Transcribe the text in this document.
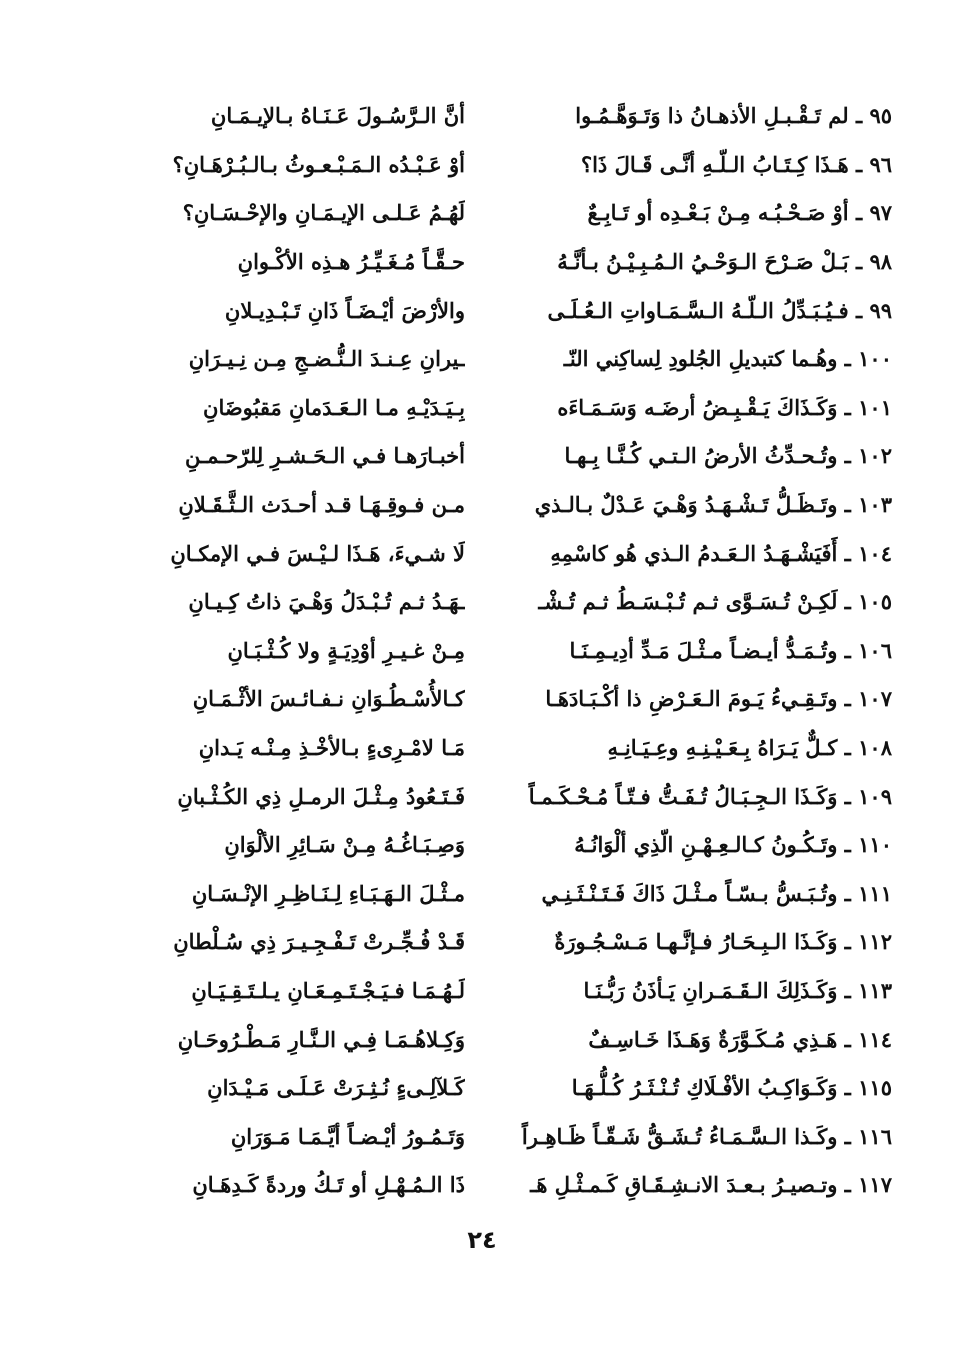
٩٥ ـ لم تَـقْـبـلِ الأذهـانُ ذا وَتَـوَهَّـمُـوا
أنَّ الـرَّسُـولَ عَـنَـاهُ بـالإيـمَـانِ
٩٦ ـ هَـذَا كِـتَـابُ الـلّـهِ أنَّـى قَـالَ ذَا؟
أوْ عَـبْـدُه الـمَـبْـعـوثُ بـالـبُـرْهَـانِ؟
٩٧ ـ أوْ صَـحْـبُـه مِـنْ بَـعْـدِه أو تَـابِـعٌ
لَهُـمُ عَـلـى الإيـمَـانِ والإحْـسَـانِ؟
٩٨ ـ بَـلْ صَـرْحَ الـوَحْـيُ الـمُـبِـيْـنُ بـأنَّـهُ
حـقَّـاً مُـغَـيِّـرُ هـذِه الأكْـوانِ
٩٩ ـ فـيُـبَـدِّلُ الـلّـهُ الـسَّـمَـاواتِ الـعُـلَـى
والأرْضَ أيْـضَـاً ذَانِ تَـبْـدِيـلانِ
١٠٠ ـ وهُـما كتبديلِ الجُلودِ لِساكِني النّـ
ـيرانِ عِـنـدَ الـنُّـضـجِ مِـن نِـيـرَانِ
١٠١ ـ وَكَـذَاكَ يَـقْـبِـضُ أرضَـه وَسَـمَـاءَه
بِـيَـدَيْـهِ مـا الـعَـدَمانِ مَقبُوضَانِ
١٠٢ ـ وتُـحـدِّثُ الأرضُ الـتـي كُـنَّـا بِـهـا
أخبـارَهـا فـي الـحَـشـرِ لِلرّحـمـنِ
١٠٣ ـ وتَـظَـلُّ تَـشْـهَـدُ وَهْـيَ عَـدْلٌ بـالـذي
مـن فـوقِـهَـا قـد أحـدَث الـثَّـقَـلانِ
١٠٤ ـ أَفَيَشْـهَـدُ الـعَـدمُ الـذي هُو كاسْمِهِ
لَا شـيءَ، هَـذَا لـيْـسَ فـي الإمكـانِ
١٠٥ ـ لَكِـنْ تُـسَـوَّى ثـم تُـبْـسَـطُ ثـم تُـشْـ
ـهَـدُ ثـم تُـبْـدَلُ وَهْـيَ ذاتُ كِـيـانِ
١٠٦ ـ وتُـمَـدُّ أيـضـاً مـثْـلَ مَـدِّ أدِيـمِـنَـا
مِـنْ غـيـرِ أوْدِيَـةٍ ولا كُـثْـبَـانِ
١٠٧ ـ وتَـقِـيءُ يَـومَ الـعَـرْضِ ذا أكْـبَـادَهَـا
كـالأُسْـطُـوَانِ نـفـائـسَ الأثْـمَـانِ
١٠٨ ـ كـلٌّ يَـرَاهُ بِـعَـيْـنِـهِ وعِـيَـانِـهِ
مَـا لامْـرِىءٍ بـالأخْـذِ مِـنْـه يَـدانِ
١٠٩ ـ وَكَـذَا الـجِـبَـالُ تُـفَـتُّ فـتّـاً مُـحْـكَـمـاً
فَـتَـعُودُ مِـثْـلَ الرمـلِ ذِي الكُـثْـبانِ
١١٠ ـ وتَـكُـونُ كـالـعِـهْـنِ الّذِي ألْوَانُـهُ
وَصِـبَـاغُـهُ مِـنْ سَـائِرِ الألْوَانِ
١١١ ـ وتُـبَـسُّ بـسّـاً مـثْـلَ ذَاكَ فَـتَـنْـثَـنِـي
مـثْـلَ الـهَـبَـاءِ لِـنَـاظِـرِ الإنْـسَـانِ
١١٢ ـ وَكَـذَا الـبِـحَـارُ فـإنَّـهـا مَـسْـجُـورَةٌ
قَـدْ فُـجِّـرتْ تَـفْـجِـيـرَ ذِي سُـلْطانِ
١١٣ ـ وَكَـذَلِكَ الـقَـمَـرانِ يَـأذَنُ رَبُّـنَـا
لَـهُـمَـا فـيَـجْـتَـمِـعَـانِ يـلـتَـقِـيَـانِ
١١٤ ـ هَـذِي مُـكَـوَّرَةٌ وَهَـذَا خَـاسِـفٌ
وَكِـلاهُـمَـا فِـي الـنَّـارِ مَـطْـرُوحَـانِ
١١٥ ـ وَكَـوَاكِـبُ الأفْـلَاكِ تُـنْـثَـرُ كُـلُّـهَـا
كَـلآلِـىءٍ نُـثِـرَتْ عَـلَـى مَـيْـدَانِ
١١٦ ـ وكَـذا الـسَّـمَـاءُ تُـشَـقُّ شَـقّـاً ظَـاهِـراً
وَتَـمُـورُ أيْـضـاً أيَّـمَـا مَـوَرَانِ
١١٧ ـ وتـصيـرُ بـعـدَ الانـشِـقَـاقِ كَـمـثْـلِ هَـ
ذَا الـمُـهْـلِ أو تَـكُ وردةً كَـدِهَـانِ
٢٤
